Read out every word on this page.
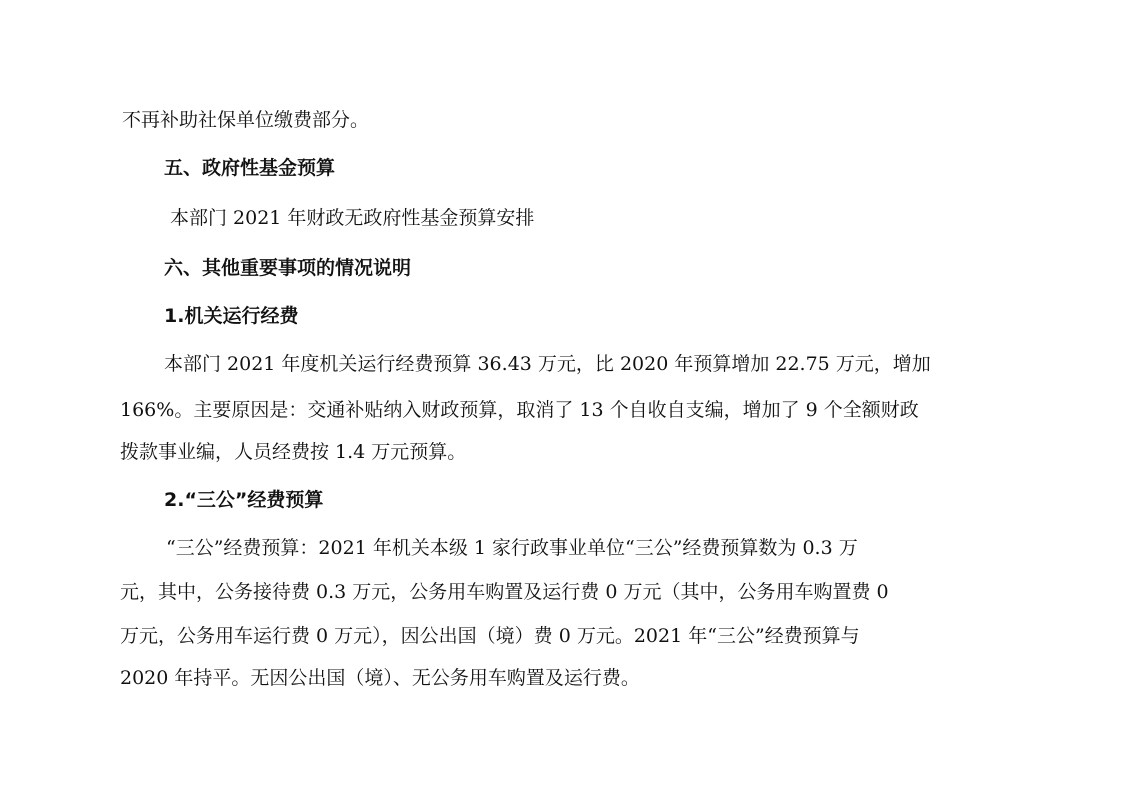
不再补助社保单位缴费部分。
五、政府性基金预算
本部门 2021 年财政无政府性基金预算安排
六、其他重要事项的情况说明
1.机关运行经费
本部门 2021 年度机关运行经费预算 36.43 万元，比 2020 年预算增加 22.75 万元，增加
166%。主要原因是：交通补贴纳入财政预算，取消了 13 个自收自支编，增加了 9 个全额财政
拨款事业编，人员经费按 1.4 万元预算。
2.“三公”经费预算
“三公”经费预算：2021 年机关本级 1 家行政事业单位“三公”经费预算数为 0.3 万
元，其中，公务接待费 0.3 万元，公务用车购置及运行费 0 万元（其中，公务用车购置费 0
万元，公务用车运行费 0 万元），因公出国（境）费 0 万元。2021 年“三公”经费预算与
2020 年持平。无因公出国（境）、无公务用车购置及运行费。
